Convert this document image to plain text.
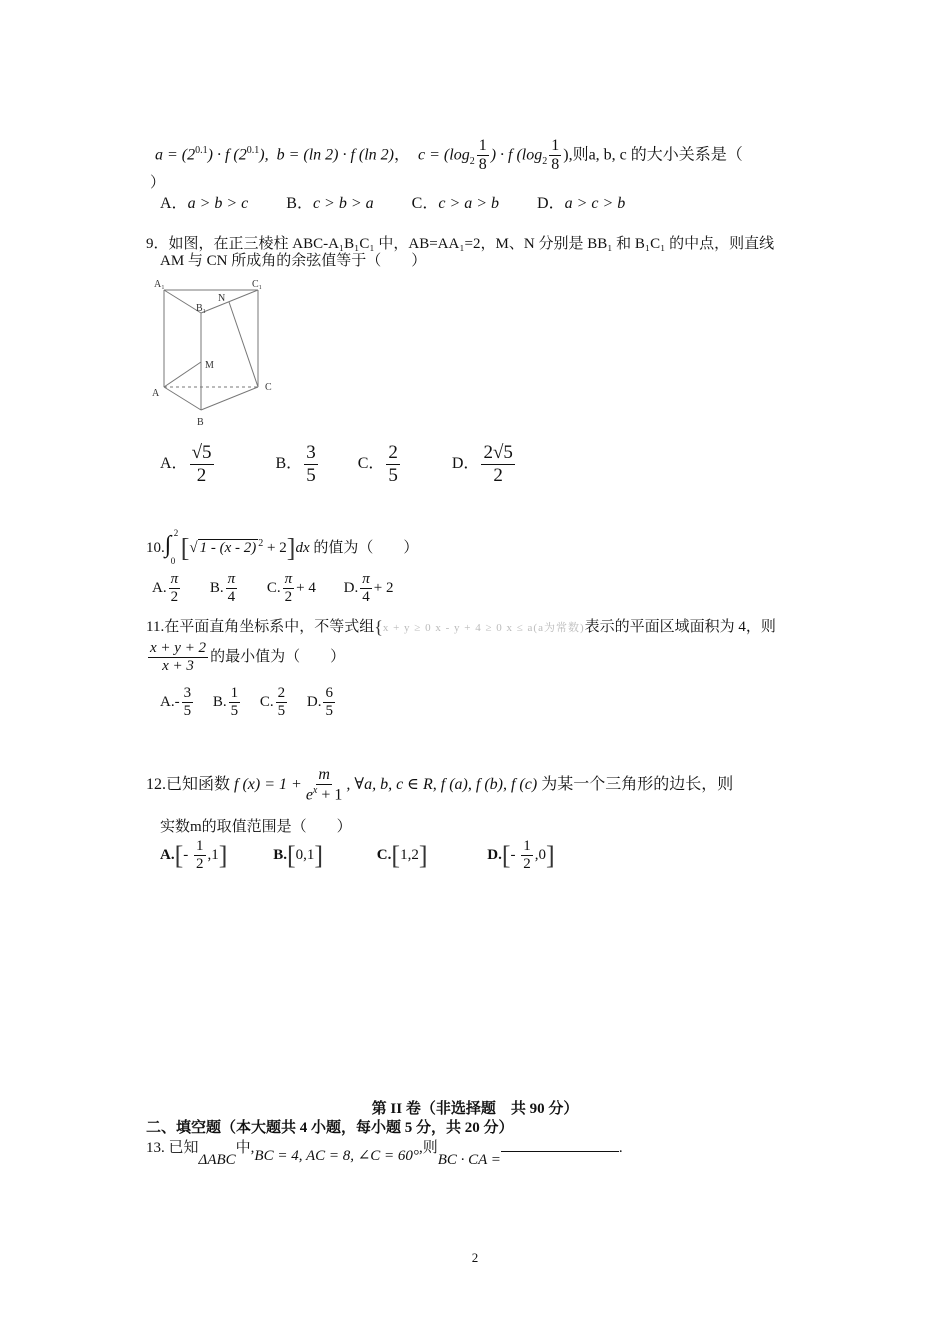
$a = (2^{0.1}) \cdot f$ $(2^{0.1})$, b = (ln 2) · f (ln 2)，  $c = (\log_2 \frac{1}{8}$ ) · f ($\log_2 \frac{1}{8}$ ),则a, b, c 的大小关系是（
）
A．a > b > c B．c > b > a C．c > a > b D．a > c > b
9．如图，在正三棱柱 ABC-A₁B₁C₁ 中，AB=AA₁=2，M、N 分别是 BB₁ 和 B₁C₁ 的中点，则直线
AM 与 CN 所成角的余弦值等于（　　）
A₁
B₁
N
C₁
M
A
B
C
A． $\frac{√5}{2}$	B． $\frac{3}{5}$	C． $\frac{2}{5}$	D． $\frac{2√5}{2}$
10.∫ 2
0 [√ 1 - (x - 2) $^2$ + 2]dx 的值为（　　）
A. $\frac{\pi}{2} B$. $\frac{\pi}{4} C$. $\frac{\pi}{2} + 4$ D. $\frac{\pi}{4} + 2$
11.在平面直角坐标系中，不等式组{x + y ≥ 0 x - y + 4 ≥ 0 x ≤ a(a为常数)表示的平面区域面积为 4，则
$\frac{x + y + 2}{x + 3}$ 的最小值为（　　）
$A.- \frac{3}{5} B$. $\frac{1}{5} C$. $\frac{2}{5} D$. $\frac{6}{5}$
12.已知函数 f $(x) = 1 + \frac{m}{e^x + 1}$ , ∀a, b, c ∈ R, f (a), f (b), f (c) 为某一个三角形的边长，则
实数m的取值范围是（　　）
$A.[- \frac{1}{2} ,1]$	B.[0,1]	C.[1,2]	$D.[- \frac{1}{2} ,0]$
第 II 卷（非选择题　共 90 分）
二、填空题（本大题共 4 小题，每小题 5 分，共 20 分）
13. 已知ΔABC中,BC = 4, AC = 8, ∠C = 60°,则BC · CA =.
2
